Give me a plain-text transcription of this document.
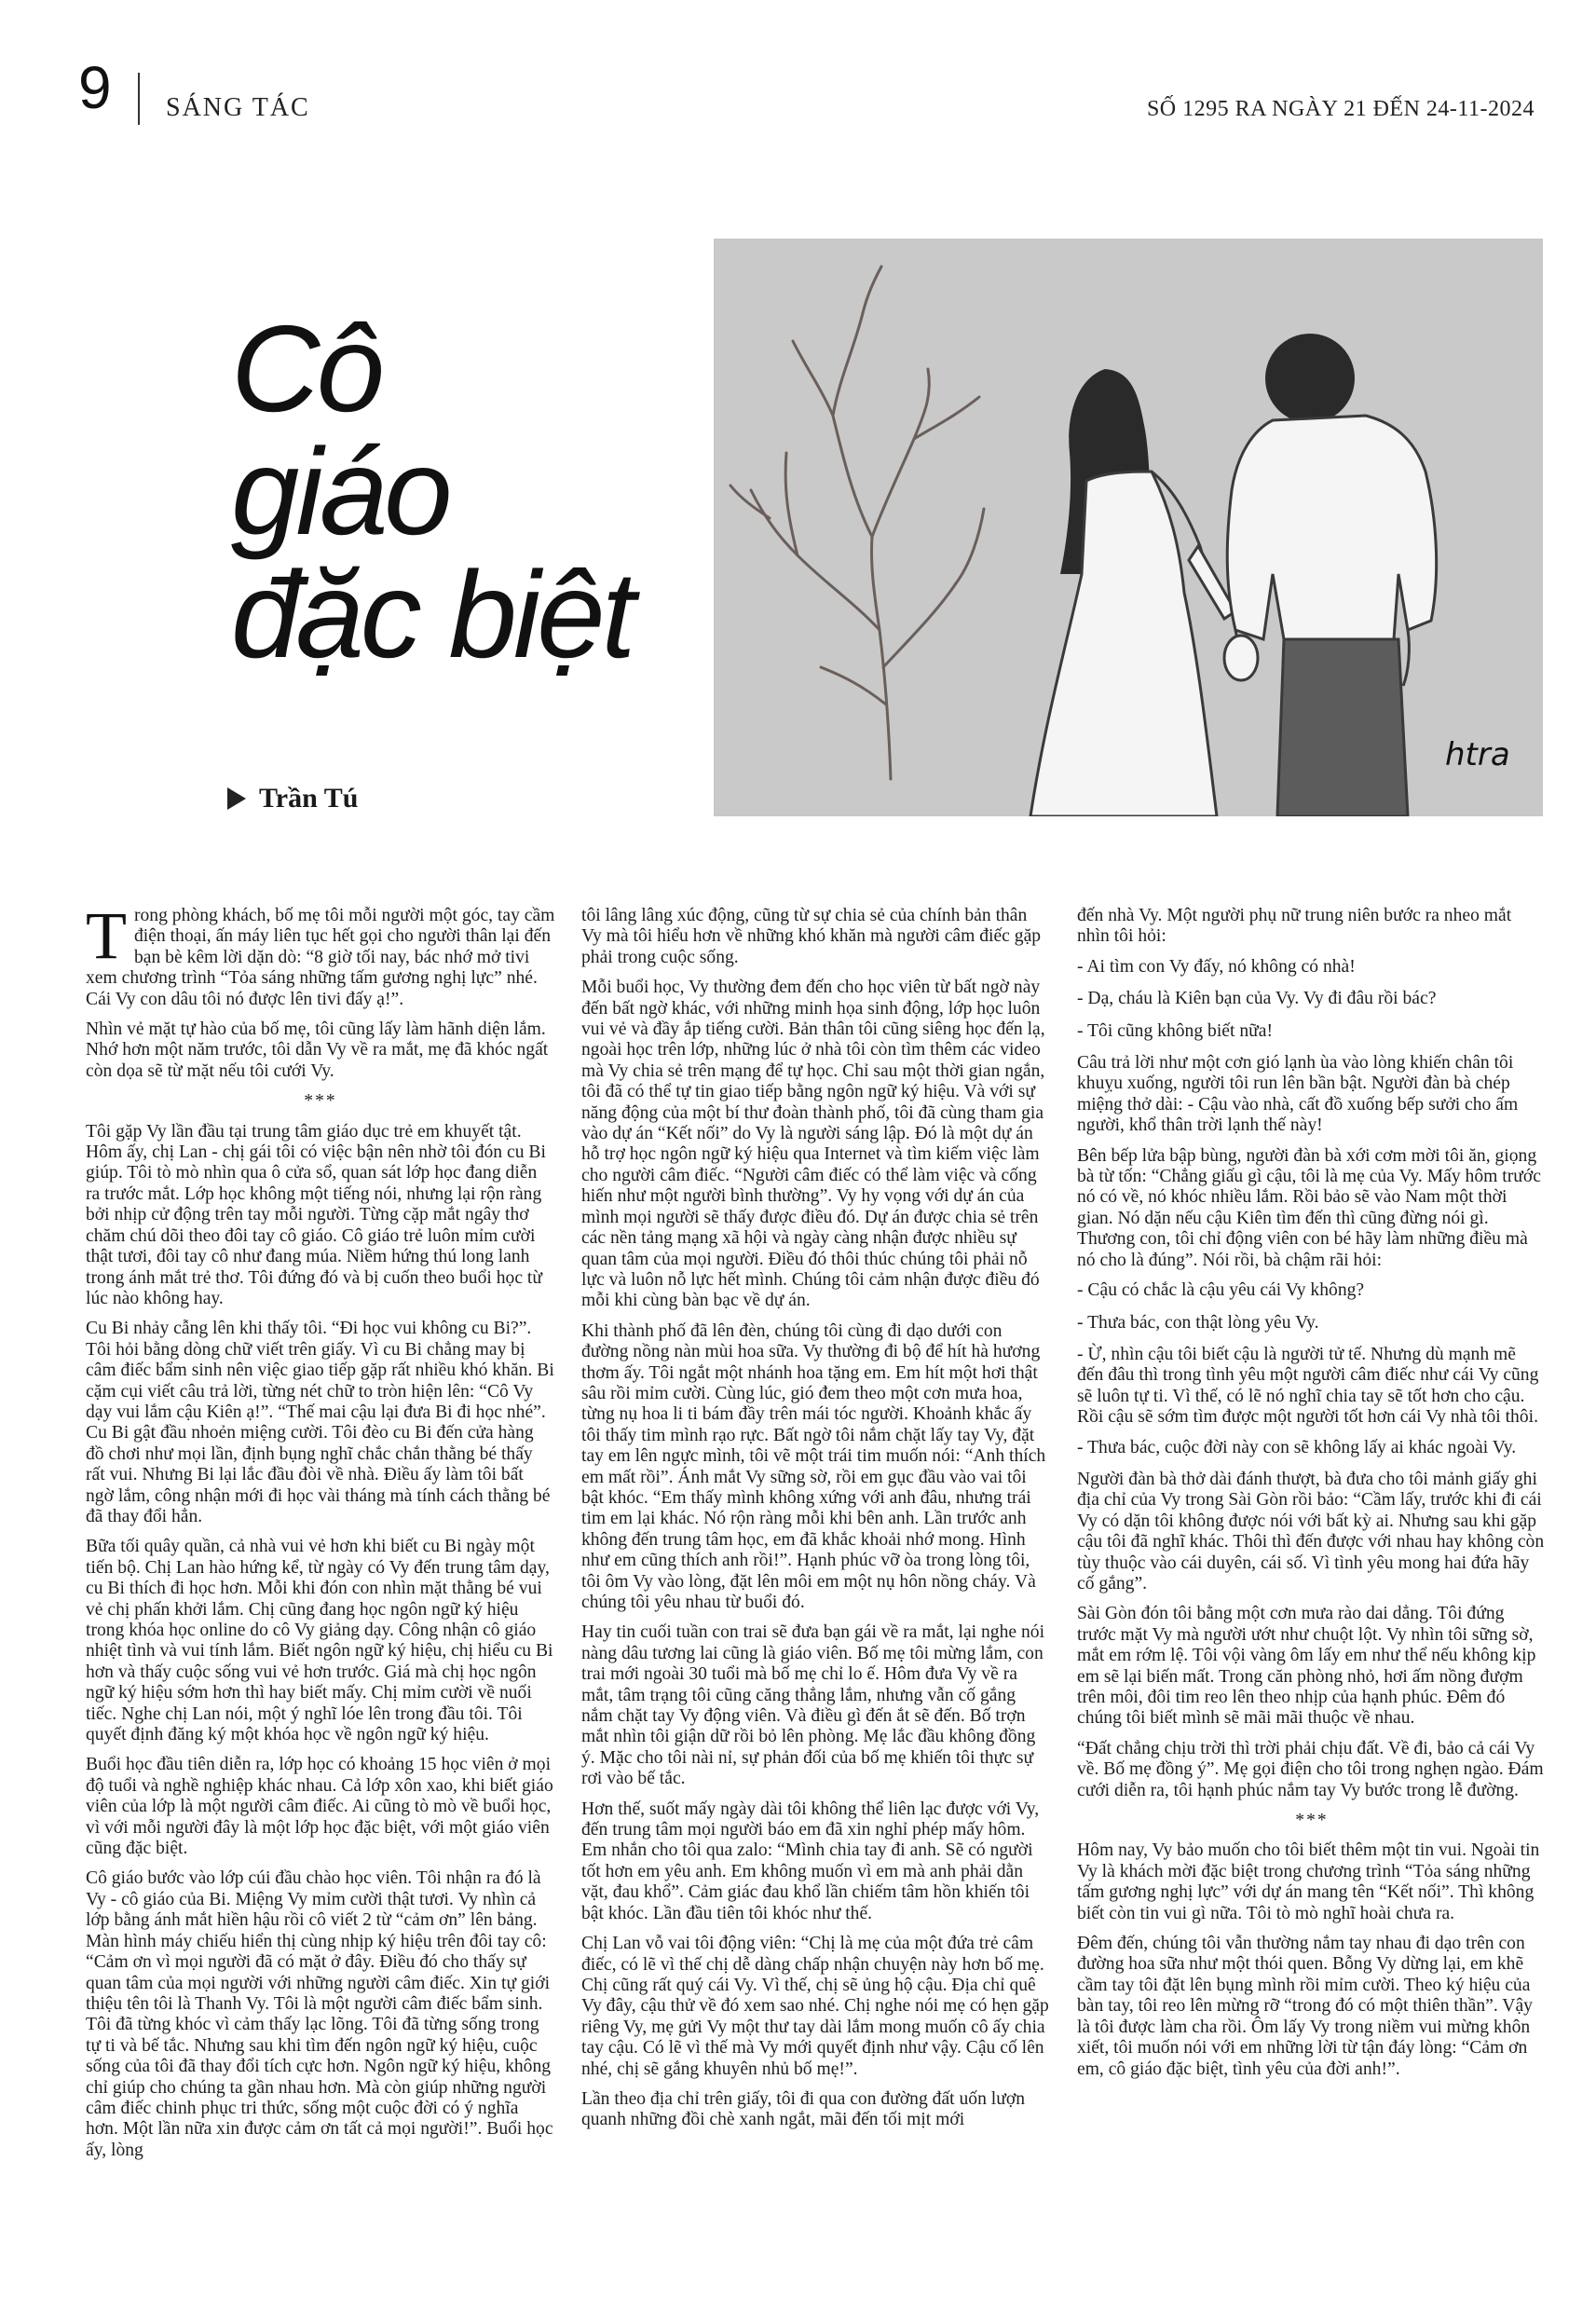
9 SÁNG TÁC	SỐ 1295 RA NGÀY 21 ĐẾN 24-11-2024
Cô
giáo
đặc biệt
Trần Tú
htra

Trong phòng khách, bố mẹ tôi mỗi người một góc, tay cầm điện thoại, ấn máy liên tục hết gọi cho người thân lại đến bạn bè kêm lời dặn dò: “8 giờ tối nay, bác nhớ mở tivi xem chương trình “Tỏa sáng những tấm gương nghị lực” nhé. Cái Vy con dâu tôi nó được lên tivi đấy ạ!”.

Nhìn vẻ mặt tự hào của bố mẹ, tôi cũng lấy làm hãnh diện lắm. Nhớ hơn một năm trước, tôi dẫn Vy về ra mắt, mẹ đã khóc ngất còn dọa sẽ từ mặt nếu tôi cưới Vy.

***

Tôi gặp Vy lần đầu tại trung tâm giáo dục trẻ em khuyết tật. Hôm ấy, chị Lan - chị gái tôi có việc bận nên nhờ tôi đón cu Bi giúp. Tôi tò mò nhìn qua ô cửa sổ, quan sát lớp học đang diễn ra trước mắt. Lớp học không một tiếng nói, nhưng lại rộn ràng bởi nhịp cử động trên tay mỗi người. Từng cặp mắt ngây thơ chăm chú dõi theo đôi tay cô giáo. Cô giáo trẻ luôn mỉm cười thật tươi, đôi tay cô như đang múa. Niềm hứng thú long lanh trong ánh mắt trẻ thơ. Tôi đứng đó và bị cuốn theo buổi học từ lúc nào không hay.

Cu Bi nhảy cẫng lên khi thấy tôi. “Đi học vui không cu Bi?”. Tôi hỏi bằng dòng chữ viết trên giấy. Vì cu Bi chẳng may bị câm điếc bẩm sinh nên việc giao tiếp gặp rất nhiều khó khăn. Bi cặm cụi viết câu trả lời, từng nét chữ to tròn hiện lên: “Cô Vy dạy vui lắm cậu Kiên ạ!”. “Thế mai cậu lại đưa Bi đi học nhé”. Cu Bi gật đầu nhoẻn miệng cười. Tôi đèo cu Bi đến cửa hàng đồ chơi như mọi lần, định bụng nghĩ chắc chắn thằng bé thấy rất vui. Nhưng Bi lại lắc đầu đòi về nhà. Điều ấy làm tôi bất ngờ lắm, công nhận mới đi học vài tháng mà tính cách thằng bé đã thay đổi hẳn.

Bữa tối quây quần, cả nhà vui vẻ hơn khi biết cu Bi ngày một tiến bộ. Chị Lan hào hứng kể, từ ngày có Vy đến trung tâm dạy, cu Bi thích đi học hơn. Mỗi khi đón con nhìn mặt thằng bé vui vẻ chị phấn khởi lắm. Chị cũng đang học ngôn ngữ ký hiệu trong khóa học online do cô Vy giảng dạy. Công nhận cô giáo nhiệt tình và vui tính lắm. Biết ngôn ngữ ký hiệu, chị hiểu cu Bi hơn và thấy cuộc sống vui vẻ hơn trước. Giá mà chị học ngôn ngữ ký hiệu sớm hơn thì hay biết mấy. Chị mỉm cười về nuối tiếc. Nghe chị Lan nói, một ý nghĩ lóe lên trong đầu tôi. Tôi quyết định đăng ký một khóa học về ngôn ngữ ký hiệu.

Buổi học đầu tiên diễn ra, lớp học có khoảng 15 học viên ở mọi độ tuổi và nghề nghiệp khác nhau. Cả lớp xôn xao, khi biết giáo viên của lớp là một người câm điếc. Ai cũng tò mò về buổi học, vì với mỗi người đây là một lớp học đặc biệt, với một giáo viên cũng đặc biệt.

Cô giáo bước vào lớp cúi đầu chào học viên. Tôi nhận ra đó là Vy - cô giáo của Bi. Miệng Vy mỉm cười thật tươi. Vy nhìn cả lớp bằng ánh mắt hiền hậu rồi cô viết 2 từ “cảm ơn” lên bảng. Màn hình máy chiếu hiển thị cùng nhịp ký hiệu trên đôi tay cô: “Cảm ơn vì mọi người đã có mặt ở đây. Điều đó cho thấy sự quan tâm của mọi người với những người câm điếc. Xin tự giới thiệu tên tôi là Thanh Vy. Tôi là một người câm điếc bẩm sinh. Tôi đã từng khóc vì cảm thấy lạc lõng. Tôi đã từng sống trong tự ti và bế tắc. Nhưng sau khi tìm đến ngôn ngữ ký hiệu, cuộc sống của tôi đã thay đổi tích cực hơn. Ngôn ngữ ký hiệu, không chỉ giúp cho chúng ta gần nhau hơn. Mà còn giúp những người câm điếc chinh phục tri thức, sống một cuộc đời có ý nghĩa hơn. Một lần nữa xin được cảm ơn tất cả mọi người!”. Buổi học ấy, lòng

tôi lâng lâng xúc động, cũng từ sự chia sẻ của chính bản thân Vy mà tôi hiểu hơn về những khó khăn mà người câm điếc gặp phải trong cuộc sống.

Mỗi buổi học, Vy thường đem đến cho học viên từ bất ngờ này đến bất ngờ khác, với những minh họa sinh động, lớp học luôn vui vẻ và đầy ắp tiếng cười. Bản thân tôi cũng siêng học đến lạ, ngoài học trên lớp, những lúc ở nhà tôi còn tìm thêm các video mà Vy chia sẻ trên mạng để tự học. Chỉ sau một thời gian ngắn, tôi đã có thể tự tin giao tiếp bằng ngôn ngữ ký hiệu. Và với sự năng động của một bí thư đoàn thành phố, tôi đã cùng tham gia vào dự án “Kết nối” do Vy là người sáng lập. Đó là một dự án hỗ trợ học ngôn ngữ ký hiệu qua Internet và tìm kiếm việc làm cho người câm điếc. “Người câm điếc có thể làm việc và cống hiến như một người bình thường”. Vy hy vọng với dự án của mình mọi người sẽ thấy được điều đó. Dự án được chia sẻ trên các nền tảng mạng xã hội và ngày càng nhận được nhiều sự quan tâm của mọi người. Điều đó thôi thúc chúng tôi phải nỗ lực và luôn nỗ lực hết mình. Chúng tôi cảm nhận được điều đó mỗi khi cùng bàn bạc về dự án.

Khi thành phố đã lên đèn, chúng tôi cùng đi dạo dưới con đường nồng nàn mùi hoa sữa. Vy thường đi bộ để hít hà hương thơm ấy. Tôi ngắt một nhánh hoa tặng em. Em hít một hơi thật sâu rồi mỉm cười. Cùng lúc, gió đem theo một cơn mưa hoa, từng nụ hoa li ti bám đầy trên mái tóc người. Khoảnh khắc ấy tôi thấy tim mình rạo rực. Bất ngờ tôi nắm chặt lấy tay Vy, đặt tay em lên ngực mình, tôi vẽ một trái tim muốn nói: “Anh thích em mất rồi”. Ánh mắt Vy sững sờ, rồi em gục đầu vào vai tôi bật khóc. “Em thấy mình không xứng với anh đâu, nhưng trái tim em lại khác. Nó rộn ràng mỗi khi bên anh. Lần trước anh không đến trung tâm học, em đã khắc khoải nhớ mong. Hình như em cũng thích anh rồi!”. Hạnh phúc vỡ òa trong lòng tôi, tôi ôm Vy vào lòng, đặt lên môi em một nụ hôn nồng cháy. Và chúng tôi yêu nhau từ buổi đó.

Hay tin cuối tuần con trai sẽ đưa bạn gái về ra mắt, lại nghe nói nàng dâu tương lai cũng là giáo viên. Bố mẹ tôi mừng lắm, con trai mới ngoài 30 tuổi mà bố mẹ chỉ lo ế. Hôm đưa Vy về ra mắt, tâm trạng tôi cũng căng thẳng lắm, nhưng vẫn cố gắng nắm chặt tay Vy động viên. Và điều gì đến ắt sẽ đến. Bố trợn mắt nhìn tôi giận dữ rồi bỏ lên phòng. Mẹ lắc đầu không đồng ý. Mặc cho tôi nài nỉ, sự phản đối của bố mẹ khiến tôi thực sự rơi vào bế tắc.

Hơn thế, suốt mấy ngày dài tôi không thể liên lạc được với Vy, đến trung tâm mọi người báo em đã xin nghỉ phép mấy hôm. Em nhắn cho tôi qua zalo: “Mình chia tay đi anh. Sẽ có người tốt hơn em yêu anh. Em không muốn vì em mà anh phải dằn vặt, đau khổ”. Cảm giác đau khổ lần chiếm tâm hồn khiến tôi bật khóc. Lần đầu tiên tôi khóc như thế.

Chị Lan vỗ vai tôi động viên: “Chị là mẹ của một đứa trẻ câm điếc, có lẽ vì thế chị dễ dàng chấp nhận chuyện này hơn bố mẹ. Chị cũng rất quý cái Vy. Vì thế, chị sẽ ủng hộ cậu. Địa chỉ quê Vy đây, cậu thử về đó xem sao nhé. Chị nghe nói mẹ có hẹn gặp riêng Vy, mẹ gửi Vy một thư tay dài lắm mong muốn cô ấy chia tay cậu. Có lẽ vì thế mà Vy mới quyết định như vậy. Cậu cố lên nhé, chị sẽ gắng khuyên nhủ bố mẹ!”.

Lần theo địa chỉ trên giấy, tôi đi qua con đường đất uốn lượn quanh những đồi chè xanh ngắt, mãi đến tối mịt mới

đến nhà Vy. Một người phụ nữ trung niên bước ra nheo mắt nhìn tôi hỏi:

- Ai tìm con Vy đấy, nó không có nhà!

- Dạ, cháu là Kiên bạn của Vy. Vy đi đâu rồi bác?

- Tôi cũng không biết nữa!

Câu trả lời như một cơn gió lạnh ùa vào lòng khiến chân tôi khuỵu xuống, người tôi run lên bần bật. Người đàn bà chép miệng thở dài: - Cậu vào nhà, cất đồ xuống bếp sưởi cho ấm người, khổ thân trời lạnh thế này!

Bên bếp lửa bập bùng, người đàn bà xới cơm mời tôi ăn, giọng bà từ tốn: “Chẳng giấu gì cậu, tôi là mẹ của Vy. Mấy hôm trước nó có về, nó khóc nhiều lắm. Rồi bảo sẽ vào Nam một thời gian. Nó dặn nếu cậu Kiên tìm đến thì cũng đừng nói gì. Thương con, tôi chỉ động viên con bé hãy làm những điều mà nó cho là đúng”. Nói rồi, bà chậm rãi hỏi:

- Cậu có chắc là cậu yêu cái Vy không?

- Thưa bác, con thật lòng yêu Vy.

- Ừ, nhìn cậu tôi biết cậu là người tử tế. Nhưng dù mạnh mẽ đến đâu thì trong tình yêu một người câm điếc như cái Vy cũng sẽ luôn tự ti. Vì thế, có lẽ nó nghĩ chia tay sẽ tốt hơn cho cậu. Rồi cậu sẽ sớm tìm được một người tốt hơn cái Vy nhà tôi thôi.

- Thưa bác, cuộc đời này con sẽ không lấy ai khác ngoài Vy.

Người đàn bà thở dài đánh thượt, bà đưa cho tôi mảnh giấy ghi địa chỉ của Vy trong Sài Gòn rồi bảo: “Cầm lấy, trước khi đi cái Vy có dặn tôi không được nói với bất kỳ ai. Nhưng sau khi gặp cậu tôi đã nghĩ khác. Thôi thì đến được với nhau hay không còn tùy thuộc vào cái duyên, cái số. Vì tình yêu mong hai đứa hãy cố gắng”.

Sài Gòn đón tôi bằng một cơn mưa rào dai dẳng. Tôi đứng trước mặt Vy mà người ướt như chuột lột. Vy nhìn tôi sững sờ, mắt em rớm lệ. Tôi vội vàng ôm lấy em như thể nếu không kịp em sẽ lại biến mất. Trong căn phòng nhỏ, hơi ấm nồng đượm trên môi, đôi tim reo lên theo nhịp của hạnh phúc. Đêm đó chúng tôi biết mình sẽ mãi mãi thuộc về nhau.

“Đất chẳng chịu trời thì trời phải chịu đất. Về đi, bảo cả cái Vy về. Bố mẹ đồng ý”. Mẹ gọi điện cho tôi trong nghẹn ngào. Đám cưới diễn ra, tôi hạnh phúc nắm tay Vy bước trong lễ đường.

***

Hôm nay, Vy bảo muốn cho tôi biết thêm một tin vui. Ngoài tin Vy là khách mời đặc biệt trong chương trình “Tỏa sáng những tấm gương nghị lực” với dự án mang tên “Kết nối”. Thì không biết còn tin vui gì nữa. Tôi tò mò nghĩ hoài chưa ra.

Đêm đến, chúng tôi vẫn thường nắm tay nhau đi dạo trên con đường hoa sữa như một thói quen. Bỗng Vy dừng lại, em khẽ cầm tay tôi đặt lên bụng mình rồi mỉm cười. Theo ký hiệu của bàn tay, tôi reo lên mừng rỡ “trong đó có một thiên thần”. Vậy là tôi được làm cha rồi. Ôm lấy Vy trong niềm vui mừng khôn xiết, tôi muốn nói với em những lời từ tận đáy lòng: “Cảm ơn em, cô giáo đặc biệt, tình yêu của đời anh!”.
